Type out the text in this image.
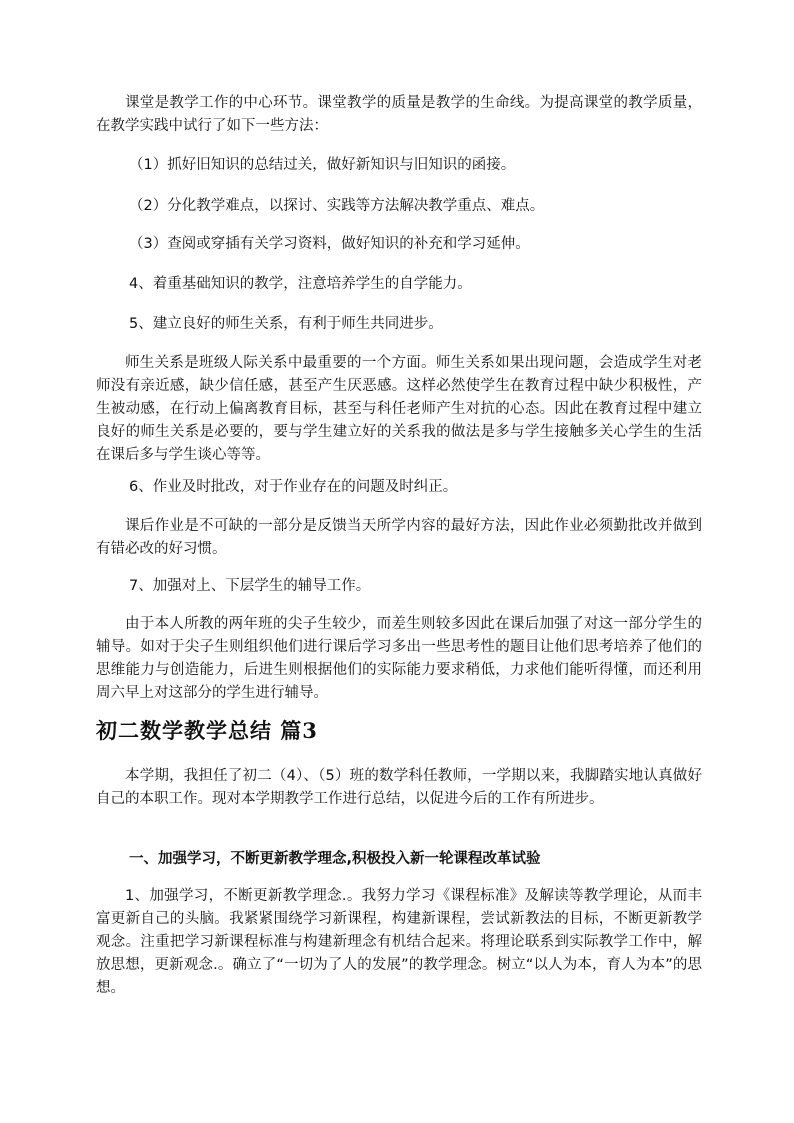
课堂是教学工作的中心环节。课堂教学的质量是教学的生命线。为提高课堂的教学质量，在教学实践中试行了如下一些方法：

（1）抓好旧知识的总结过关，做好新知识与旧知识的函接。

（2）分化教学难点，以探讨、实践等方法解决教学重点、难点。

（3）查阅或穿插有关学习资料，做好知识的补充和学习延伸。

4、着重基础知识的教学，注意培养学生的自学能力。

5、建立良好的师生关系，有利于师生共同进步。

师生关系是班级人际关系中最重要的一个方面。师生关系如果出现问题，会造成学生对老师没有亲近感，缺少信任感，甚至产生厌恶感。这样必然使学生在教育过程中缺少积极性，产生被动感，在行动上偏离教育目标，甚至与科任老师产生对抗的心态。因此在教育过程中建立良好的师生关系是必要的，要与学生建立好的关系我的做法是多与学生接触多关心学生的生活在课后多与学生谈心等等。

6、作业及时批改，对于作业存在的问题及时纠正。

课后作业是不可缺的一部分是反馈当天所学内容的最好方法，因此作业必须勤批改并做到有错必改的好习惯。

7、加强对上、下层学生的辅导工作。

由于本人所教的两年班的尖子生较少，而差生则较多因此在课后加强了对这一部分学生的辅导。如对于尖子生则组织他们进行课后学习多出一些思考性的题目让他们思考培养了他们的思维能力与创造能力，后进生则根据他们的实际能力要求稍低，力求他们能听得懂，而还利用周六早上对这部分的学生进行辅导。

初二数学教学总结 篇3

本学期，我担任了初二（4）、（5）班的数学科任教师，一学期以来，我脚踏实地认真做好自己的本职工作。现对本学期教学工作进行总结，以促进今后的工作有所进步。

一、加强学习，不断更新教学理念,积极投入新一轮课程改革试验

1、加强学习，不断更新教学理念.。我努力学习《课程标准》及解读等教学理论，从而丰富更新自己的头脑。我紧紧围绕学习新课程，构建新课程，尝试新教法的目标，不断更新教学观念。注重把学习新课程标准与构建新理念有机结合起来。将理论联系到实际教学工作中，解放思想，更新观念.。确立了“一切为了人的发展”的教学理念。树立“以人为本，育人为本”的思想。
